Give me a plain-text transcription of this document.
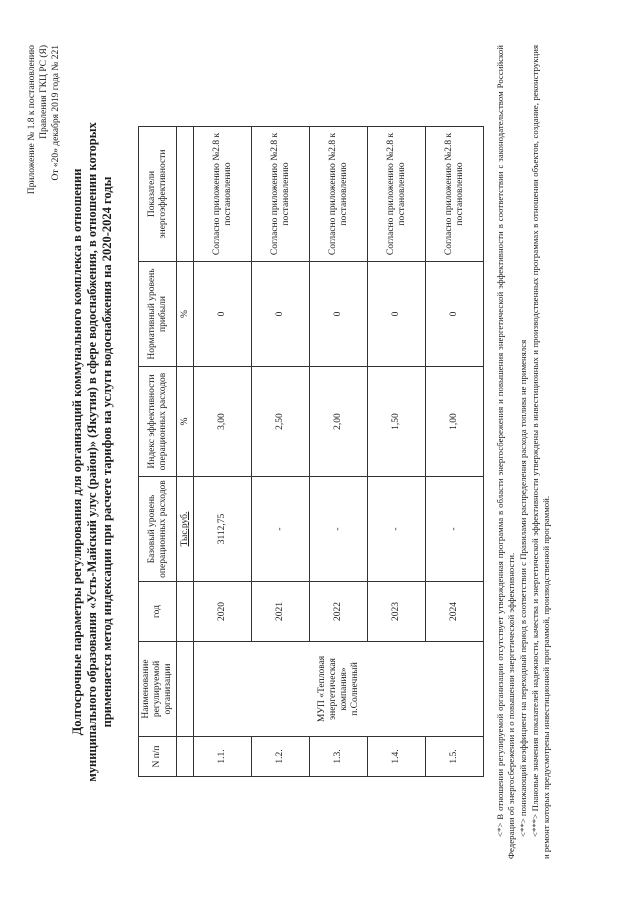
Приложение № 1.8 к постановлению Правления ГКЦ РС (Я) От «20» декабря 2019 года № 221
Долгосрочные параметры регулирования для организаций коммунального комплекса в отношении муниципального образования «Усть-Майский улус (район)» (Якутия) в сфере водоснабжения, в отношении которых применяется метод индексации при расчете тарифов на услуги водоснабжения на 2020-2024 годы
N п/п	Наименование регулируемой организации	год	Базовый уровень операционных расходов	Индекс эффективности операционных расходов	Нормативный уровень прибыли	Показатели энергоэффективности
			Тыс.руб.	%	%	
1.1.	МУП «Тепловая энергетическая компания» п.Солнечный	2020	3112,75	3,00	0	Согласно приложению №2.8 к постановлению
1.2.		2021	-	2,50	0	Согласно приложению №2.8 к постановлению
1.3.		2022	-	2,00	0	Согласно приложению №2.8 к постановлению
1.4.		2023	-	1,50	0	Согласно приложению №2.8 к постановлению
1.5.		2024	-	1,00	0	Согласно приложению №2.8 к постановлению	<*> В отношении регулируемой организации отсутствует утвержденная программа в области энергосбережения и повышения энергетической эффективности в соответствии с законодательством Российской Федерации об энергосбережении и о повышении энергетической эффективности. <**> понижающий коэффициент на переходный период в соответствии с Правилами распределения расхода топлива не применялся <***> Плановые значения показателей надежности, качества и энергетической эффективности утверждены в инвестиционных и производственных программах в отношении объектов, создание, реконструкция и ремонт которых предусмотрены инвестиционной программой, производственной программой.
